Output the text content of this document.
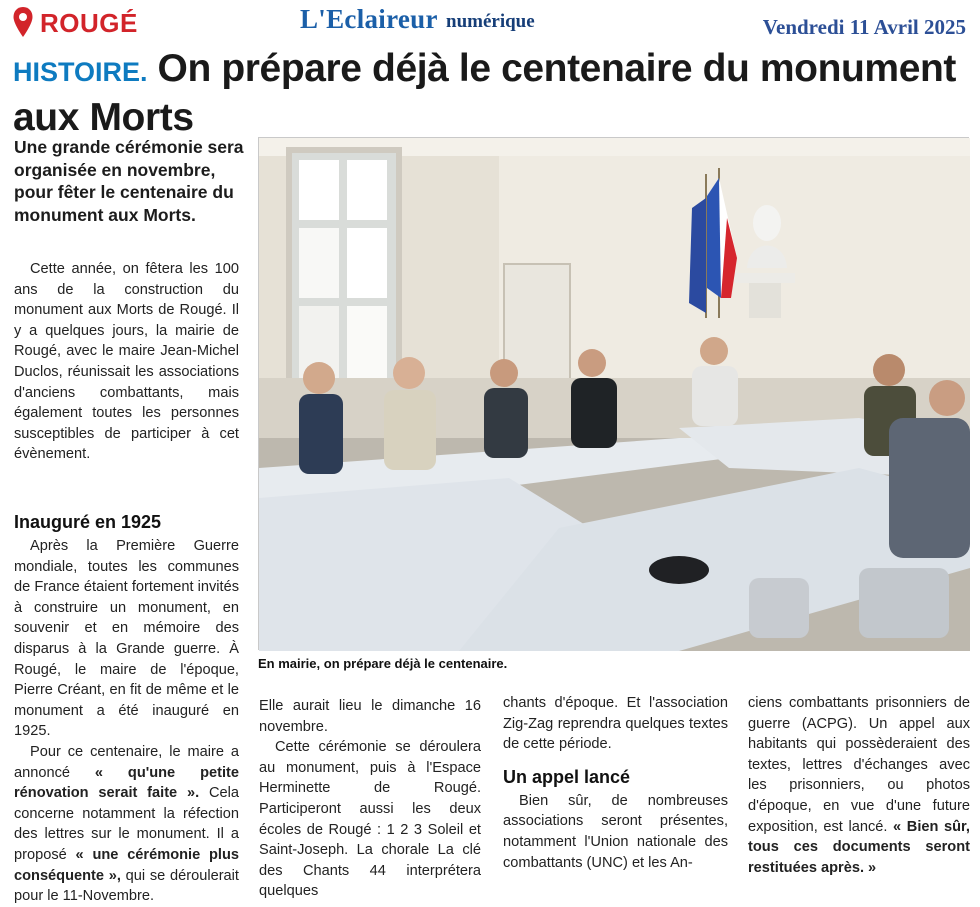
ROUGÉ	L'Eclaireur numérique	Vendredi 11 Avril 2025
HISTOIRE. On prépare déjà le centenaire du monument aux Morts
Une grande cérémonie sera organisée en novembre, pour fêter le centenaire du monument aux Morts.

Cette année, on fêtera les 100 ans de la construction du monument aux Morts de Rougé. Il y a quelques jours, la mairie de Rougé, avec le maire Jean-Michel Duclos, réunissait les associations d'anciens combattants, mais également toutes les personnes susceptibles de participer à cet évènement.

Inauguré en 1925

Après la Première Guerre mondiale, toutes les communes de France étaient fortement invités à construire un monument, en souvenir et en mémoire des disparus à la Grande guerre. À Rougé, le maire de l'époque, Pierre Créant, en fit de même et le monument a été inauguré en 1925.

Pour ce centenaire, le maire a annoncé « qu'une petite rénovation serait faite ». Cela concerne notamment la réfection des lettres sur le monument. Il a proposé « une cérémonie plus conséquente », qui se déroulerait pour le 11-Novembre.

En mairie, on prépare déjà le centenaire.

Elle aurait lieu le dimanche 16 novembre.

Cette cérémonie se déroulera au monument, puis à l'Espace Herminette de Rougé. Participeront aussi les deux écoles de Rougé : 1 2 3 Soleil et Saint-Joseph. La chorale La clé des Chants 44 interprétera quelques

chants d'époque. Et l'association Zig-Zag reprendra quelques textes de cette période.

Un appel lancé

Bien sûr, de nombreuses associations seront présentes, notamment l'Union nationale des combattants (UNC) et les An-

ciens combattants prisonniers de guerre (ACPG). Un appel aux habitants qui possèderaient des textes, lettres d'échanges avec les prisonniers, ou photos d'époque, en vue d'une future exposition, est lancé. « Bien sûr, tous ces documents seront restituées après. »
